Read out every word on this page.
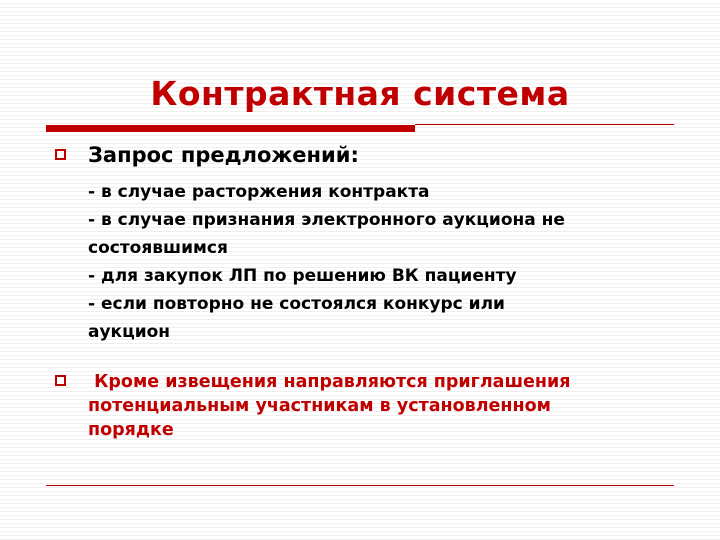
Контрактная система
Запрос предложений:
- в случае расторжения контракта
- в случае признания электронного аукциона не
состоявшимся
- для закупок ЛП по решению ВК пациенту
- если повторно не состоялся конкурс или
аукцион
Кроме извещения направляются приглашения
потенциальным участникам в установленном
порядке
